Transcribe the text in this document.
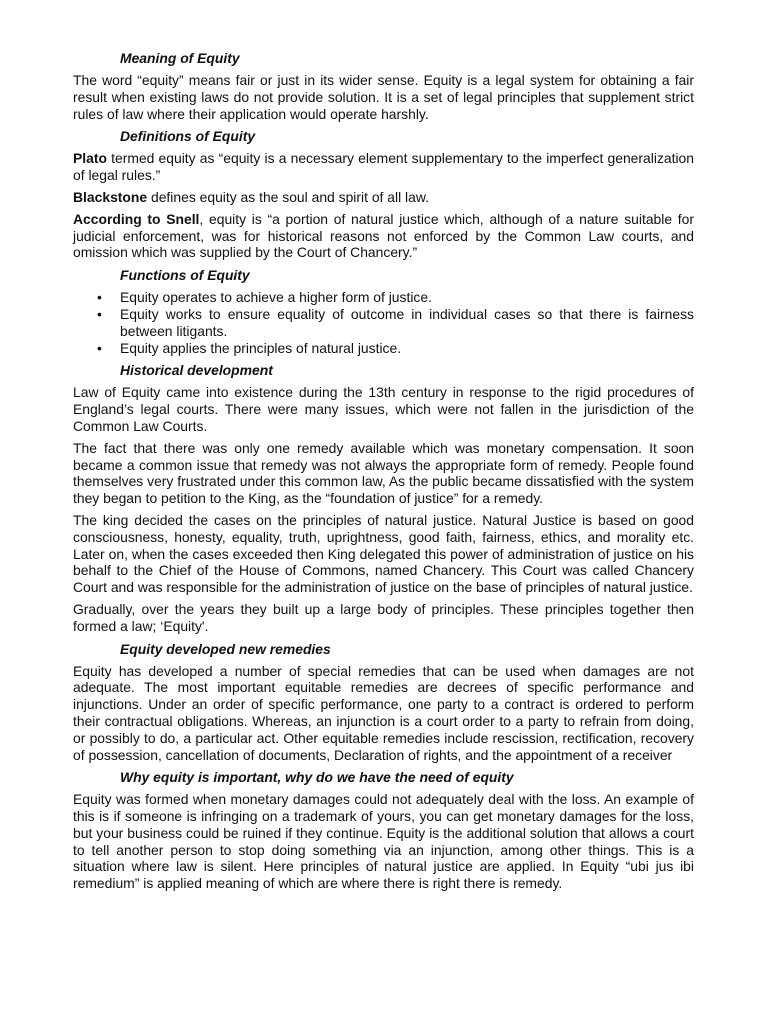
Meaning of Equity

The word “equity” means fair or just in its wider sense. Equity is a legal system for obtaining a fair result when existing laws do not provide solution. It is a set of legal principles that supplement strict rules of law where their application would operate harshly.

Definitions of Equity

Plato termed equity as “equity is a necessary element supplementary to the imperfect generalization of legal rules.”

Blackstone defines equity as the soul and spirit of all law.

According to Snell, equity is “a portion of natural justice which, although of a nature suitable for judicial enforcement, was for historical reasons not enforced by the Common Law courts, and omission which was supplied by the Court of Chancery.”

Functions of Equity
• Equity operates to achieve a higher form of justice.
• Equity works to ensure equality of outcome in individual cases so that there is fairness between litigants.
• Equity applies the principles of natural justice.
Historical development

Law of Equity came into existence during the 13th century in response to the rigid procedures of England’s legal courts. There were many issues, which were not fallen in the jurisdiction of the Common Law Courts.

The fact that there was only one remedy available which was monetary compensation. It soon became a common issue that remedy was not always the appropriate form of remedy. People found themselves very frustrated under this common law, As the public became dissatisfied with the system they began to petition to the King, as the “foundation of justice” for a remedy.

The king decided the cases on the principles of natural justice. Natural Justice is based on good consciousness, honesty, equality, truth, uprightness, good faith, fairness, ethics, and morality etc. Later on, when the cases exceeded then King delegated this power of administration of justice on his behalf to the Chief of the House of Commons, named Chancery. This Court was called Chancery Court and was responsible for the administration of justice on the base of principles of natural justice.

Gradually, over the years they built up a large body of principles. These principles together then formed a law; ‘Equity'.

Equity developed new remedies

Equity has developed a number of special remedies that can be used when damages are not adequate. The most important equitable remedies are decrees of specific performance and injunctions. Under an order of specific performance, one party to a contract is ordered to perform their contractual obligations. Whereas, an injunction is a court order to a party to refrain from doing, or possibly to do, a particular act. Other equitable remedies include rescission, rectification, recovery of possession, cancellation of documents, Declaration of rights, and the appointment of a receiver

Why equity is important, why do we have the need of equity

Equity was formed when monetary damages could not adequately deal with the loss. An example of this is if someone is infringing on a trademark of yours, you can get monetary damages for the loss, but your business could be ruined if they continue. Equity is the additional solution that allows a court to tell another person to stop doing something via an injunction, among other things. This is a situation where law is silent. Here principles of natural justice are applied. In Equity “ubi jus ibi remedium” is applied meaning of which are where there is right there is remedy.
